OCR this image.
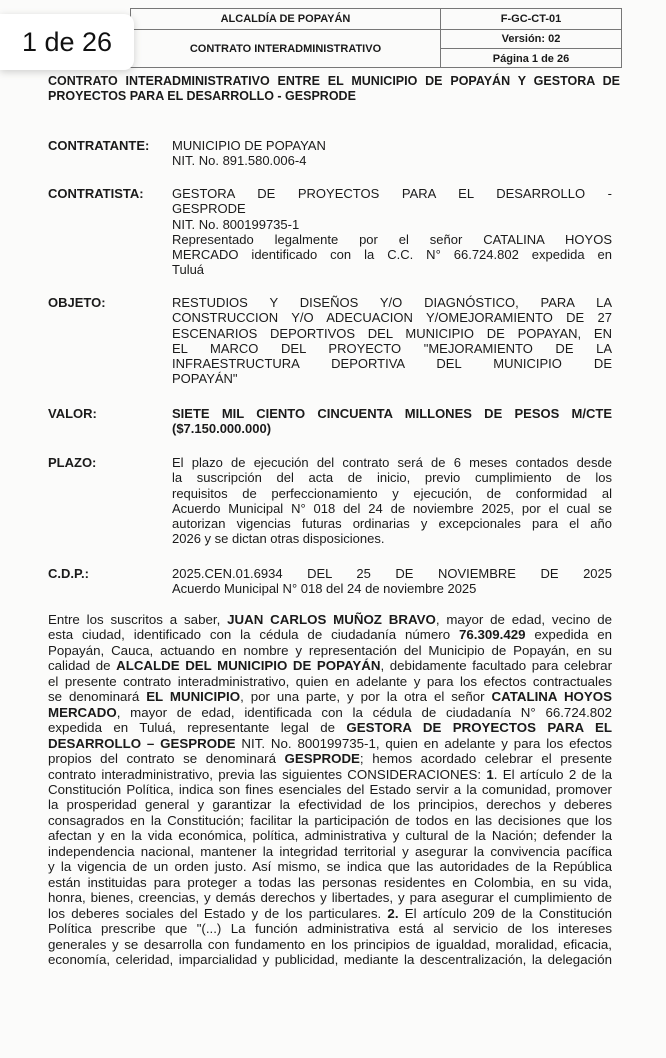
ALCALDÍA DE POPAYÁN
CONTRATO INTERADMINISTRATIVO
F-GC-CT-01
Versión: 02
Página 1 de 26
1 de 26
CONTRATO INTERADMINISTRATIVO ENTRE EL MUNICIPIO DE POPAYÁN Y GESTORA DE
PROYECTOS PARA EL DESARROLLO - GESPRODE
CONTRATANTE:	MUNICIPIO DE POPAYAN
NIT. No. 891.580.006-4
CONTRATISTA:	GESTORA DE PROYECTOS PARA EL DESARROLLO -
GESPRODE
NIT. No. 800199735-1
Representado legalmente por el señor CATALINA HOYOS
MERCADO identificado con la C.C. N° 66.724.802 expedida en
Tuluá
OBJETO:	RESTUDIOS Y DISEÑOS Y/O DIAGNÓSTICO, PARA LA
CONSTRUCCION Y/O ADECUACION Y/OMEJORAMIENTO DE 27
ESCENARIOS DEPORTIVOS DEL MUNICIPIO DE POPAYAN, EN
EL MARCO DEL PROYECTO "MEJORAMIENTO DE LA
INFRAESTRUCTURA DEPORTIVA DEL MUNICIPIO DE
POPAYÁN"
VALOR:	SIETE MIL CIENTO CINCUENTA MILLONES DE PESOS M/CTE
($7.150.000.000)
PLAZO:	El plazo de ejecución del contrato será de 6 meses contados desde
la suscripción del acta de inicio, previo cumplimiento de los
requisitos de perfeccionamiento y ejecución, de conformidad al
Acuerdo Municipal N° 018 del 24 de noviembre 2025, por el cual se
autorizan vigencias futuras ordinarias y excepcionales para el año
2026 y se dictan otras disposiciones.
C.D.P.:	2025.CEN.01.6934 DEL 25 DE NOVIEMBRE DE 2025
Acuerdo Municipal N° 018 del 24 de noviembre 2025
Entre los suscritos a saber, JUAN CARLOS MUÑOZ BRAVO, mayor de edad, vecino de
esta ciudad, identificado con la cédula de ciudadanía número 76.309.429 expedida en
Popayán, Cauca, actuando en nombre y representación del Municipio de Popayán, en su
calidad de ALCALDE DEL MUNICIPIO DE POPAYÁN, debidamente facultado para celebrar
el presente contrato interadministrativo, quien en adelante y para los efectos contractuales
se denominará EL MUNICIPIO, por una parte, y por la otra el señor CATALINA HOYOS
MERCADO, mayor de edad, identificada con la cédula de ciudadanía N° 66.724.802
expedida en Tuluá, representante legal de GESTORA DE PROYECTOS PARA EL
DESARROLLO – GESPRODE NIT. No. 800199735-1, quien en adelante y para los efectos
propios del contrato se denominará GESPRODE; hemos acordado celebrar el presente
contrato interadministrativo, previa las siguientes CONSIDERACIONES: 1. El artículo 2 de la
Constitución Política, indica son fines esenciales del Estado servir a la comunidad, promover
la prosperidad general y garantizar la efectividad de los principios, derechos y deberes
consagrados en la Constitución; facilitar la participación de todos en las decisiones que los
afectan y en la vida económica, política, administrativa y cultural de la Nación; defender la
independencia nacional, mantener la integridad territorial y asegurar la convivencia pacífica
y la vigencia de un orden justo. Así mismo, se indica que las autoridades de la República
están instituidas para proteger a todas las personas residentes en Colombia, en su vida,
honra, bienes, creencias, y demás derechos y libertades, y para asegurar el cumplimiento de
los deberes sociales del Estado y de los particulares. 2. El artículo 209 de la Constitución
Política prescribe que "(...) La función administrativa está al servicio de los intereses
generales y se desarrolla con fundamento en los principios de igualdad, moralidad, eficacia,
economía, celeridad, imparcialidad y publicidad, mediante la descentralización, la delegación
